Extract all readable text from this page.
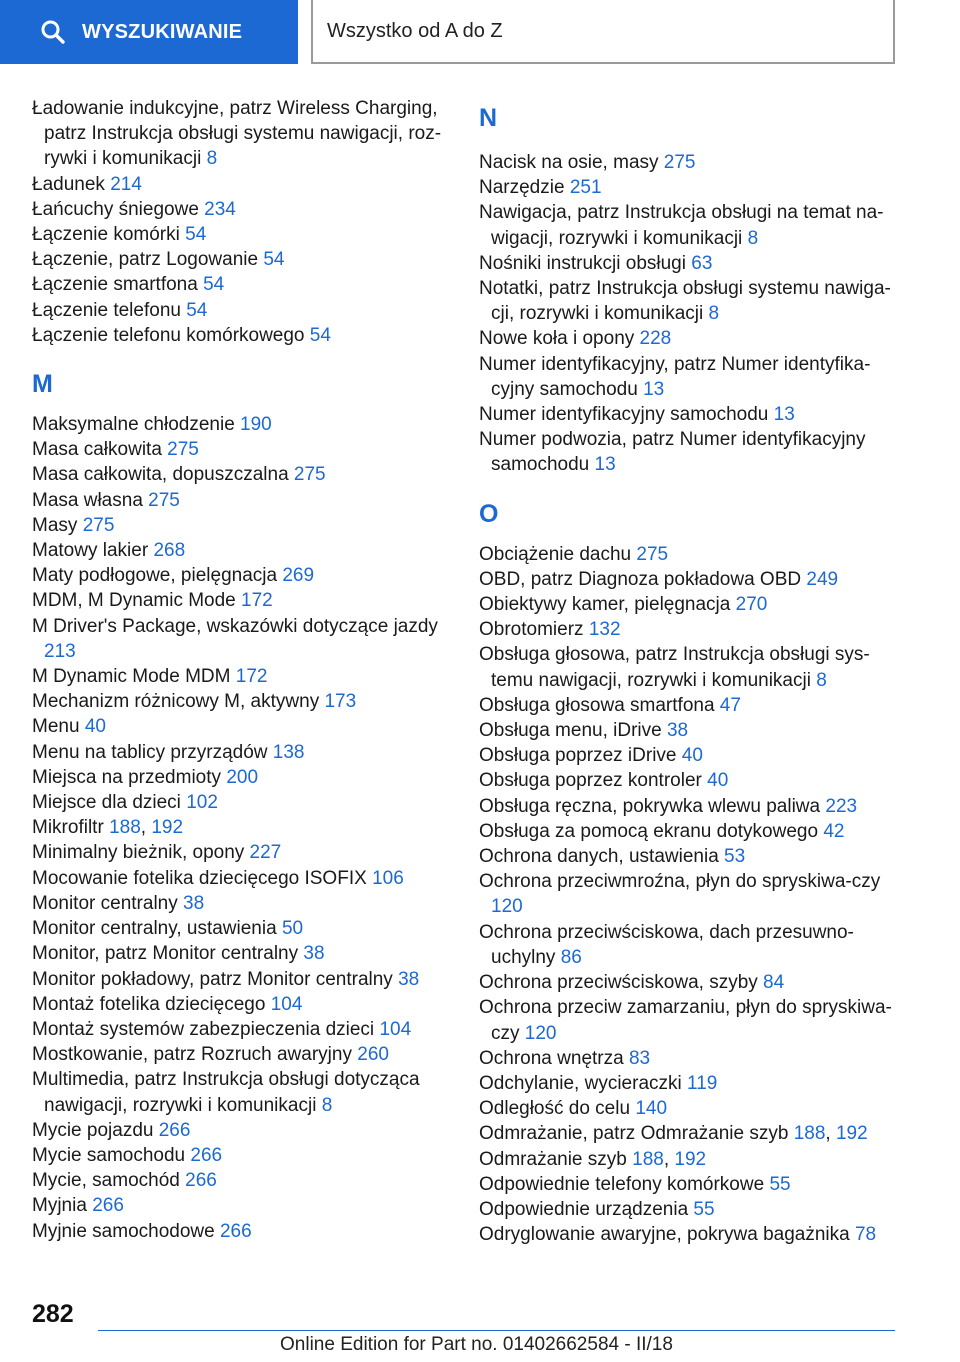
WYSZUKIWANIE	Wszystko od A do Z
Ładowanie indukcyjne, patrz Wireless Charging, patrz Instrukcja obsługi systemu nawigacji, roz-rywki i komunikacji 8
Ładunek 214
Łańcuchy śniegowe 234
Łączenie komórki 54
Łączenie, patrz Logowanie 54
Łączenie smartfona 54
Łączenie telefonu 54
Łączenie telefonu komórkowego 54
M
Maksymalne chłodzenie 190
Masa całkowita 275
Masa całkowita, dopuszczalna 275
Masa własna 275
Masy 275
Matowy lakier 268
Maty podłogowe, pielęgnacja 269
MDM, M Dynamic Mode 172
M Driver's Package, wskazówki dotyczące jazdy 213
M Dynamic Mode MDM 172
Mechanizm różnicowy M, aktywny 173
Menu 40
Menu na tablicy przyrządów 138
Miejsca na przedmioty 200
Miejsce dla dzieci 102
Mikrofiltr 188, 192
Minimalny bieżnik, opony 227
Mocowanie fotelika dziecięcego ISOFIX 106
Monitor centralny 38
Monitor centralny, ustawienia 50
Monitor, patrz Monitor centralny 38
Monitor pokładowy, patrz Monitor centralny 38
Montaż fotelika dziecięcego 104
Montaż systemów zabezpieczenia dzieci 104
Mostkowanie, patrz Rozruch awaryjny 260
Multimedia, patrz Instrukcja obsługi dotycząca nawigacji, rozrywki i komunikacji 8
Mycie pojazdu 266
Mycie samochodu 266
Mycie, samochód 266
Myjnia 266
Myjnie samochodowe 266
N
Nacisk na osie, masy 275
Narzędzie 251
Nawigacja, patrz Instrukcja obsługi na temat na-wigacji, rozrywki i komunikacji 8
Nośniki instrukcji obsługi 63
Notatki, patrz Instrukcja obsługi systemu nawiga-cji, rozrywki i komunikacji 8
Nowe koła i opony 228
Numer identyfikacyjny, patrz Numer identyfika-cyjny samochodu 13
Numer identyfikacyjny samochodu 13
Numer podwozia, patrz Numer identyfikacyjny samochodu 13
O
Obciążenie dachu 275
OBD, patrz Diagnoza pokładowa OBD 249
Obiektywy kamer, pielęgnacja 270
Obrotomierz 132
Obsługa głosowa, patrz Instrukcja obsługi sys-temu nawigacji, rozrywki i komunikacji 8
Obsługa głosowa smartfona 47
Obsługa menu, iDrive 38
Obsługa poprzez iDrive 40
Obsługa poprzez kontroler 40
Obsługa ręczna, pokrywka wlewu paliwa 223
Obsługa za pomocą ekranu dotykowego 42
Ochrona danych, ustawienia 53
Ochrona przeciwmroźna, płyn do spryskiwa-czy 120
Ochrona przeciwściskowa, dach przesuwno-uchylny 86
Ochrona przeciwściskowa, szyby 84
Ochrona przeciw zamarzaniu, płyn do spryskiwa-czy 120
Ochrona wnętrza 83
Odchylanie, wycieraczki 119
Odległość do celu 140
Odmrażanie, patrz Odmrażanie szyb 188, 192
Odmrażanie szyb 188, 192
Odpowiednie telefony komórkowe 55
Odpowiednie urządzenia 55
Odryglowanie awaryjne, pokrywa bagażnika 78
282
Online Edition for Part no. 01402662584 - II/18
